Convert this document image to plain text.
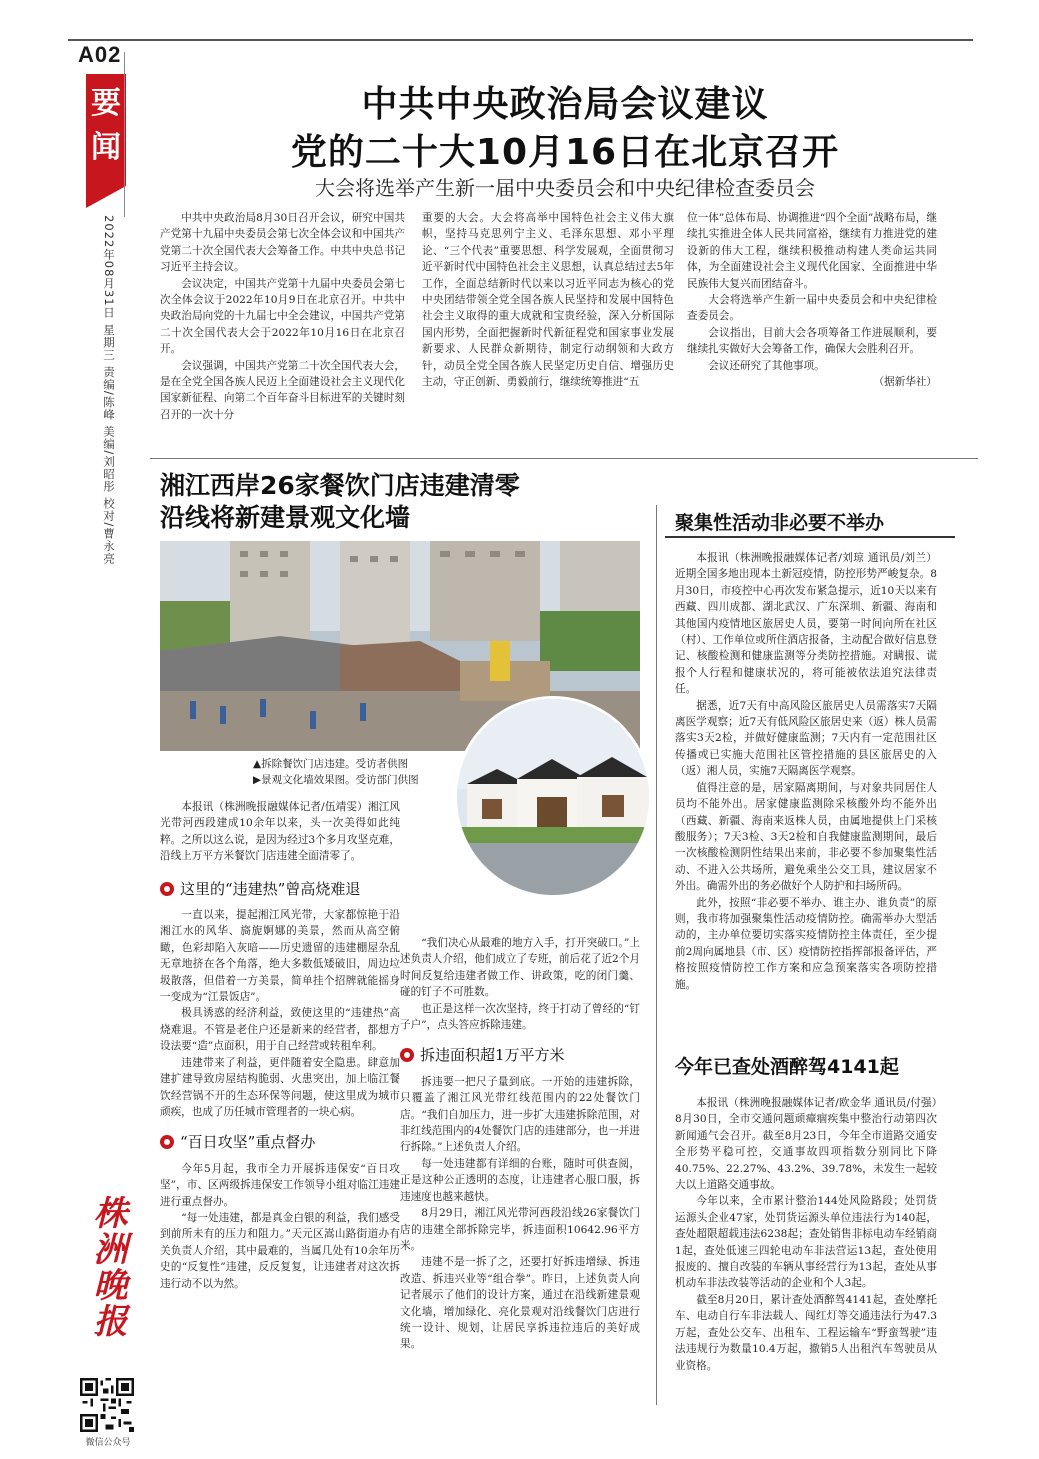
A02
要
闻
2022年08月31日 星期三 责编/陈峰 美编/刘昭彤 校对/曹永亮
中共中央政治局会议建议
党的二十大10月16日在北京召开
大会将选举产生新一届中央委员会和中央纪律检查委员会

中共中央政治局8月30日召开会议，研究中国共产党第十九届中央委员会第七次全体会议和中国共产党第二十次全国代表大会筹备工作。中共中央总书记习近平主持会议。

会议决定，中国共产党第十九届中央委员会第七次全体会议于2022年10月9日在北京召开。中共中央政治局向党的十九届七中全会建议，中国共产党第二十次全国代表大会于2022年10月16日在北京召开。

会议强调，中国共产党第二十次全国代表大会，是在全党全国各族人民迈上全面建设社会主义现代化国家新征程、向第二个百年奋斗目标进军的关键时刻召开的一次十分

重要的大会。大会将高举中国特色社会主义伟大旗帜，坚持马克思列宁主义、毛泽东思想、邓小平理论、“三个代表”重要思想、科学发展观，全面贯彻习近平新时代中国特色社会主义思想，认真总结过去5年工作，全面总结新时代以来以习近平同志为核心的党中央团结带领全党全国各族人民坚持和发展中国特色社会主义取得的重大成就和宝贵经验，深入分析国际国内形势，全面把握新时代新征程党和国家事业发展新要求、人民群众新期待，制定行动纲领和大政方针，动员全党全国各族人民坚定历史自信、增强历史主动，守正创新、勇毅前行，继续统筹推进“五

位一体”总体布局、协调推进“四个全面”战略布局，继续扎实推进全体人民共同富裕，继续有力推进党的建设新的伟大工程，继续积极推动构建人类命运共同体，为全面建设社会主义现代化国家、全面推进中华民族伟大复兴而团结奋斗。

大会将选举产生新一届中央委员会和中央纪律检查委员会。

会议指出，目前大会各项筹备工作进展顺利，要继续扎实做好大会筹备工作，确保大会胜利召开。

会议还研究了其他事项。

（据新华社）

湘江西岸26家餐饮门店违建清零
沿线将新建景观文化墙
▲拆除餐饮门店违建。受访者供图
▶景观文化墙效果图。受访部门供图

本报讯（株洲晚报融媒体记者/伍靖雯）湘江风光带河西段建成10余年以来，头一次美得如此纯粹。之所以这么说，是因为经过3个多月攻坚克难，沿线上万平方米餐饮门店违建全面清零了。

这里的“违建热”曾高烧难退

一直以来，提起湘江风光带，大家都惊艳于沿湘江水的风华、旖旎婀娜的美景，然而从高空俯瞰，色彩却陷入灰暗——历史遗留的违建棚屋杂乱无章地挤在各个角落，绝大多数低矮破旧，周边垃圾散落，但借着一方美景，简单挂个招牌就能摇身一变成为“江景饭店”。

极具诱惑的经济利益，致使这里的“违建热”高烧难退。不管是老住户还是新来的经营者，都想方设法要“造”点面积，用于自己经营或转租牟利。

违建带来了利益，更伴随着安全隐患。肆意加建扩建导致房屋结构脆弱、火患突出，加上临江餐饮经营锅不开的生态环保等问题，使这里成为城市顽疾，也成了历任城市管理者的一块心病。

“百日攻坚”重点督办

今年5月起，我市全力开展拆违保安“百日攻坚”，市、区两级拆违保安工作领导小组对临江违建进行重点督办。

“每一处违建，都是真金白银的利益，我们感受到前所未有的压力和阻力。”天元区嵩山路街道办有关负责人介绍，其中最难的，当属几处有10余年历史的“反复性”违建，反反复复，让违建者对这次拆违行动不以为然。

“我们决心从最难的地方入手，打开突破口。”上述负责人介绍，他们成立了专班，前后花了近2个月时间反复给违建者做工作、讲政策，吃的闭门羹、碰的钉子不可胜数。

也正是这样一次次坚持，终于打动了曾经的“钉子户”，点头答应拆除违建。

拆违面积超1万平方米

拆违要一把尺子量到底。一开始的违建拆除，只覆盖了湘江风光带红线范围内的22处餐饮门店。“我们自加压力，进一步扩大违建拆除范围，对非红线范围内的4处餐饮门店的违建部分，也一并进行拆除。”上述负责人介绍。

每一处违建都有详细的台账，随时可供查阅，正是这种公正透明的态度，让违建者心服口服，拆违速度也越来越快。

8月29日，湘江风光带河西段沿线26家餐饮门店的违建全部拆除完毕，拆违面积10642.96平方米。

违建不是一拆了之，还要打好拆违增绿、拆违改造、拆违兴业等“组合拳”。昨日，上述负责人向记者展示了他们的设计方案，通过在沿线新建景观文化墙，增加绿化、亮化景观对沿线餐饮门店进行统一设计、规划，让居民享拆违拉违后的美好成果。

聚集性活动非必要不举办

本报讯（株洲晚报融媒体记者/刘琼 通讯员/刘兰）近期全国多地出现本土新冠疫情，防控形势严峻复杂。8月30日，市疫控中心再次发布紧急提示，近10天以来有西藏、四川成都、湖北武汉、广东深圳、新疆、海南和其他国内疫情地区旅居史人员，要第一时间向所在社区（村）、工作单位或所住酒店报备，主动配合做好信息登记、核酸检测和健康监测等分类防控措施。对瞒报、谎报个人行程和健康状况的，将可能被依法追究法律责任。

据悉，近7天有中高风险区旅居史人员需落实7天隔离医学观察；近7天有低风险区旅居史来（返）株人员需落实3天2检，并做好健康监测；7天内有一定范围社区传播或已实施大范围社区管控措施的县区旅居史的入（返）湘人员，实施7天隔离医学观察。

值得注意的是，居家隔离期间，与对象共同居住人员均不能外出。居家健康监测除采核酸外均不能外出（西藏、新疆、海南来返株人员，由属地提供上门采核酸服务）；7天3检、3天2检和自我健康监测期间，最后一次核酸检测阴性结果出来前，非必要不参加聚集性活动、不进入公共场所，避免乘坐公交工具，建议居家不外出。确需外出的务必做好个人防护和扫场所码。

此外，按照“非必要不举办、谁主办、谁负责”的原则，我市将加强聚集性活动疫情防控。确需举办大型活动的，主办单位要切实落实疫情防控主体责任，至少提前2周向属地县（市、区）疫情防控指挥部报备评估，严格按照疫情防控工作方案和应急预案落实各项防控措施。

今年已查处酒醉驾4141起

本报讯（株洲晚报融媒体记者/欧金华 通讯员/付强）8月30日，全市交通问题顽瘴痼疾集中整治行动第四次新闻通气会召开。截至8月23日，今年全市道路交通安全形势平稳可控，交通事故四项指数分别同比下降40.75%、22.27%、43.2%、39.78%，未发生一起较大以上道路交通事故。

今年以来，全市累计整治144处风险路段；处罚货运源头企业47家，处罚货运源头单位违法行为140起，查处超限超载违法6238起；查处销售非标电动车经销商1起，查处低速三四轮电动车非法营运13起，查处使用报废的、擅自改装的车辆从事经营行为13起，查处从事机动车非法改装等活动的企业和个人3起。

截至8月20日，累计查处酒醉驾4141起，查处摩托车、电动自行车非法载人、闯红灯等交通违法行为47.3万起，查处公交车、出租车、工程运输车“野蛮驾驶”违法违规行为数量10.4万起，撤销5人出租汽车驾驶员从业资格。

株洲晚报
微信公众号
